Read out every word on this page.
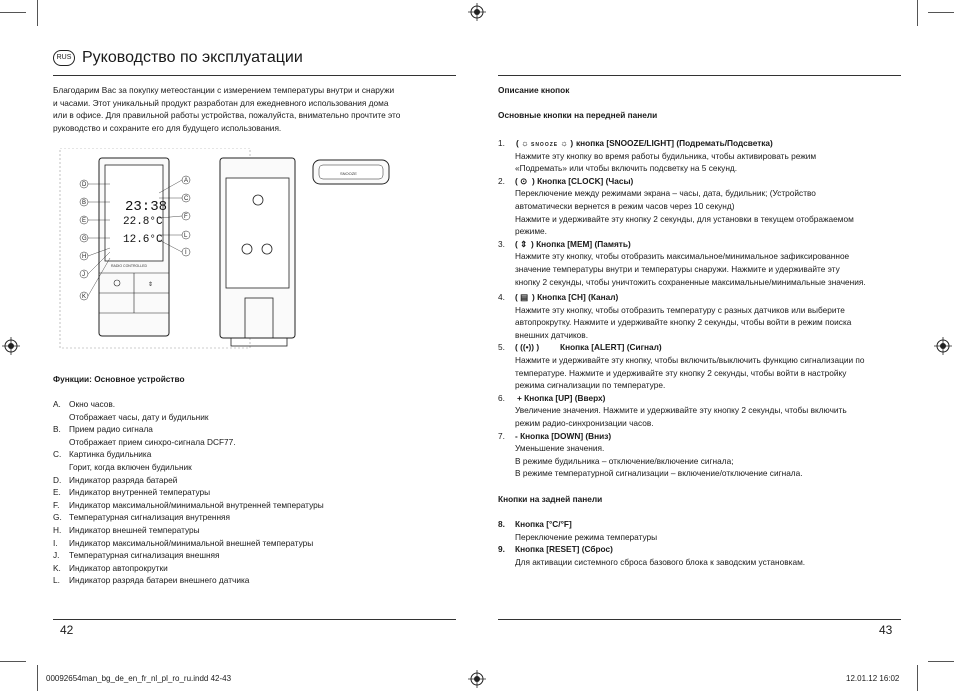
RUS Руководство по эксплуатации
Благодарим Вас за покупку метеостанции с измерением температуры внутри и снаружи
и часами. Этот уникальный продукт разработан для ежедневного использования дома
или в офисе. Для правильной работы устройства, пожалуйста, внимательно прочтите это
руководство и сохраните его для будущего использования.
23:38
22.8°C
12.6°C
RADIO CONTROLLED
⇕
D
B
E
G
H
J
K
A
C
F
L
I
SNOOZE
Функции: Основное устройство
A. Окно часов.
Отображает часы, дату и будильник
B. Прием радио сигнала
Отображает прием синхро-сигнала DCF77.
C. Картинка будильника
Горит, когда включен будильник
D. Индикатор разряда батарей
E. Индикатор внутренней температуры
F. Индикатор максимальной/минимальной внутренней температуры
G. Температурная сигнализация внутренняя
H. Индикатор внешней температуры
I. Индикатор максимальной/минимальной внешней температуры
J. Температурная сигнализация внешняя
K. Индикатор автопрокрутки
L. Индикатор разряда батареи внешнего датчика
Описание кнопок
Основные кнопки на передней панели
1. ( ☼ SNOOZE ☼ ) кнопка [SNOOZE/LIGHT] (Подремать/Подсветка)
Нажмите эту кнопку во время работы будильника, чтобы активировать режим
«Подремать» или чтобы включить подсветку на 5 секунд.
2. ( ⊙ ) Кнопка [CLOCK] (Часы)
Переключение между режимами экрана – часы, дата, будильник; (Устройство
автоматически вернется в режим часов через 10 секунд)
Нажмите и удерживайте эту кнопку 2 секунды, для установки в текущем отображаемом
режиме.
3. ( ⇕ ) Кнопка [MEM] (Память)
Нажмите эту кнопку, чтобы отобразить максимальное/минимальное зафиксированное
значение температуры внутри и температуры снаружи. Нажмите и удерживайте эту
кнопку 2 секунды, чтобы уничтожить сохраненные максимальные/минимальные значения.
4. ( ▤ ) Кнопка [CH] (Канал)
Нажмите эту кнопку, чтобы отобразить температуру с разных датчиков или выберите
автопрокрутку. Нажмите и удерживайте кнопку 2 секунды, чтобы войти в режим поиска
внешних датчиков.
5. ( ((•)) )	Кнопка [ALERT] (Сигнал)
Нажмите и удерживайте эту кнопку, чтобы включить/выключить функцию сигнализации по
температуре. Нажмите и удерживайте эту кнопку 2 секунды, чтобы войти в настройку
режима сигнализации по температуре.
6. + Кнопка [UP] (Вверх)
Увеличение значения. Нажмите и удерживайте эту кнопку 2 секунды, чтобы включить
режим радио-синхронизации часов.
7. - Кнопка [DOWN] (Вниз)
Уменьшение значения.
В режиме будильника – отключение/включение сигнала;
В режиме температурной сигнализации – включение/отключение сигнала.
Кнопки на задней панели
8. Кнопка [°C/°F]
Переключение режима температуры
9. Кнопка [RESET] (Сброс)
Для активации системного сброса базового блока к заводским установкам.
42	43
00092654man_bg_de_en_fr_nl_pl_ro_ru.indd 42-43	12.01.12 16:02
